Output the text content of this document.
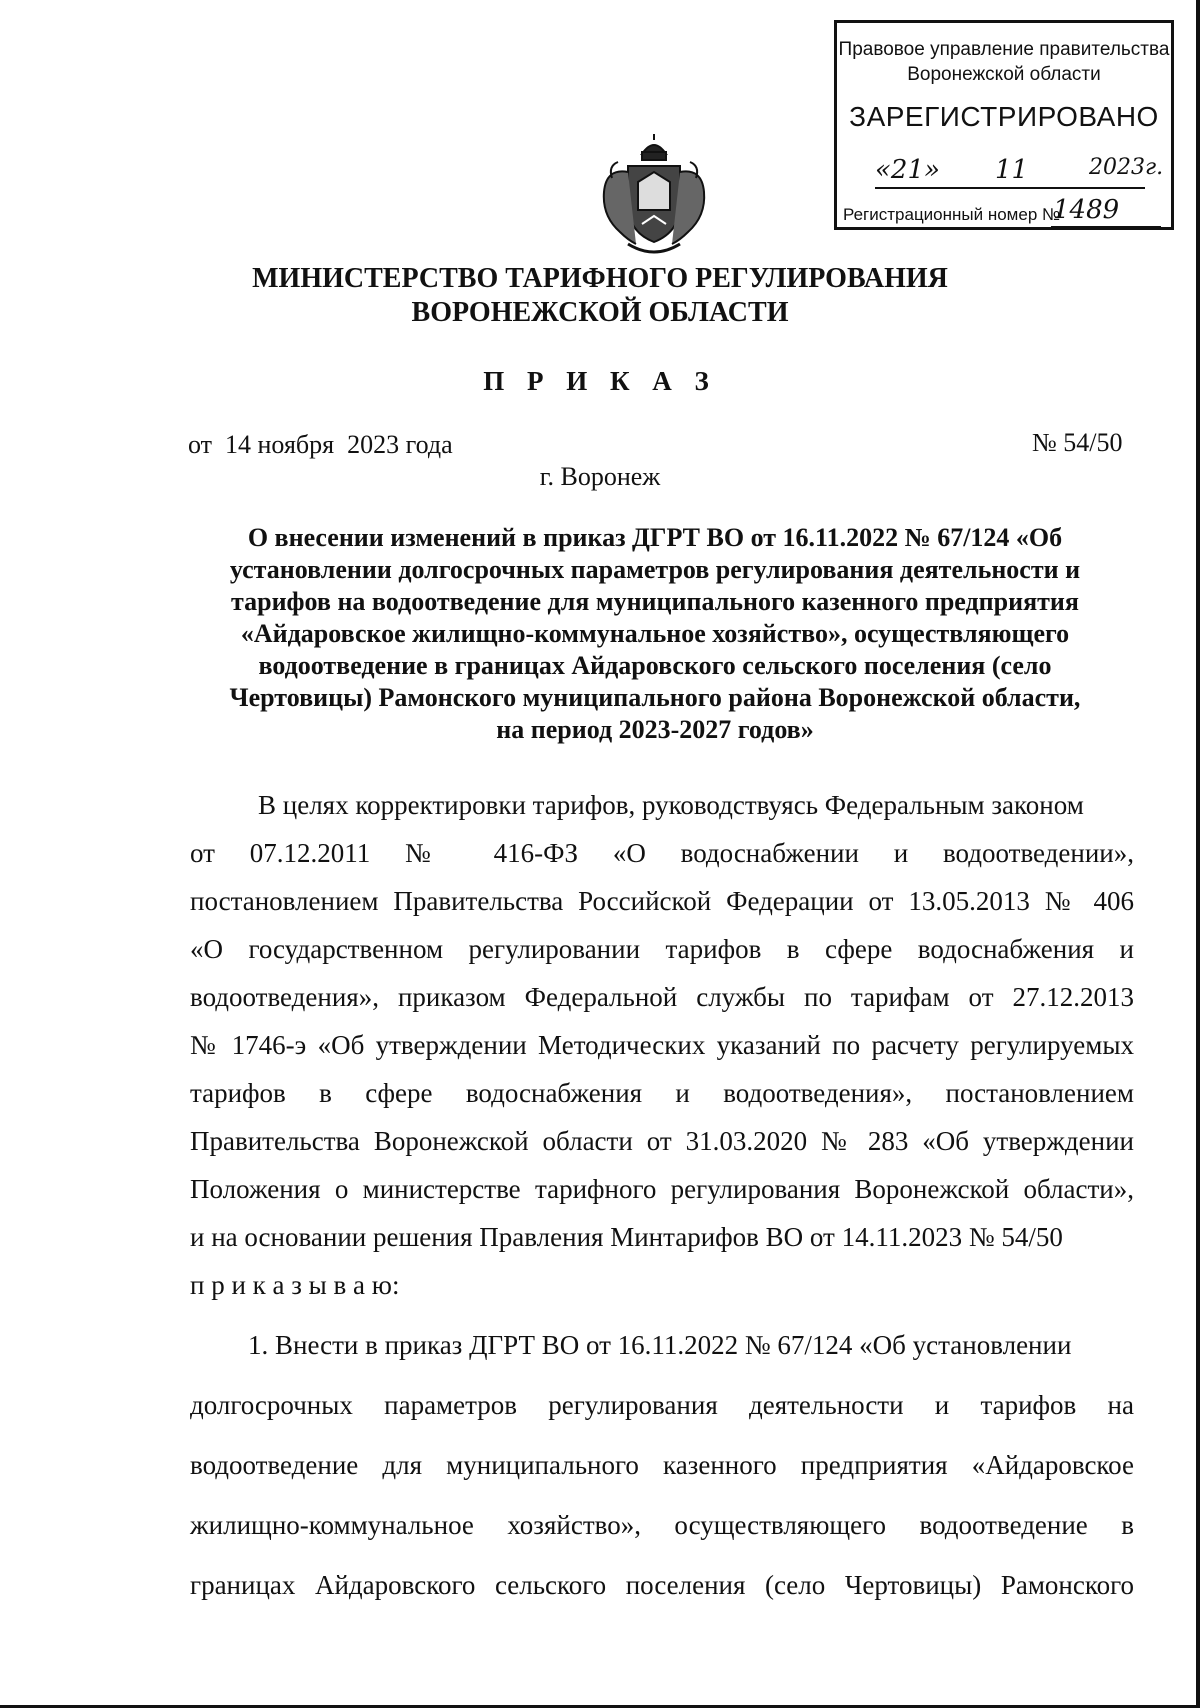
Правовое управление правительства
Воронежской области
ЗАРЕГИСТРИРОВАНО
«21» 11	2023г.
Регистрационный номер №
1489
МИНИСТЕРСТВО ТАРИФНОГО РЕГУЛИРОВАНИЯ
ВОРОНЕЖСКОЙ ОБЛАСТИ
П Р И К А З
от  14 ноября  2023 года	№ 54/50
г. Воронеж
О внесении изменений в приказ ДГРТ ВО от 16.11.2022 № 67/124 «Об
установлении долгосрочных параметров регулирования деятельности и
тарифов на водоотведение для муниципального казенного предприятия
«Айдаровское жилищно-коммунальное хозяйство», осуществляющего
водоотведение в границах Айдаровского сельского поселения (село
Чертовицы) Рамонского муниципального района Воронежской области,
на период 2023-2027 годов»
В целях корректировки тарифов, руководствуясь Федеральным законом
от 07.12.2011 № 416-ФЗ «О водоснабжении и водоотведении»,
постановлением Правительства Российской Федерации от 13.05.2013 № 406
«О государственном регулировании тарифов в сфере водоснабжения и
водоотведения», приказом Федеральной службы по тарифам от 27.12.2013
№ 1746-э «Об утверждении Методических указаний по расчету регулируемых
тарифов в сфере водоснабжения и водоотведения», постановлением
Правительства Воронежской области от 31.03.2020 № 283 «Об утверждении
Положения о министерстве тарифного регулирования Воронежской области»,
и на основании решения Правления Минтарифов ВО от 14.11.2023 № 54/50
п р и к а з ы в а ю:
1. Внести в приказ ДГРТ ВО от 16.11.2022 № 67/124 «Об установлении
долгосрочных параметров регулирования деятельности и тарифов на
водоотведение для муниципального казенного предприятия «Айдаровское
жилищно-коммунальное хозяйство», осуществляющего водоотведение в
границах Айдаровского сельского поселения (село Чертовицы) Рамонского
